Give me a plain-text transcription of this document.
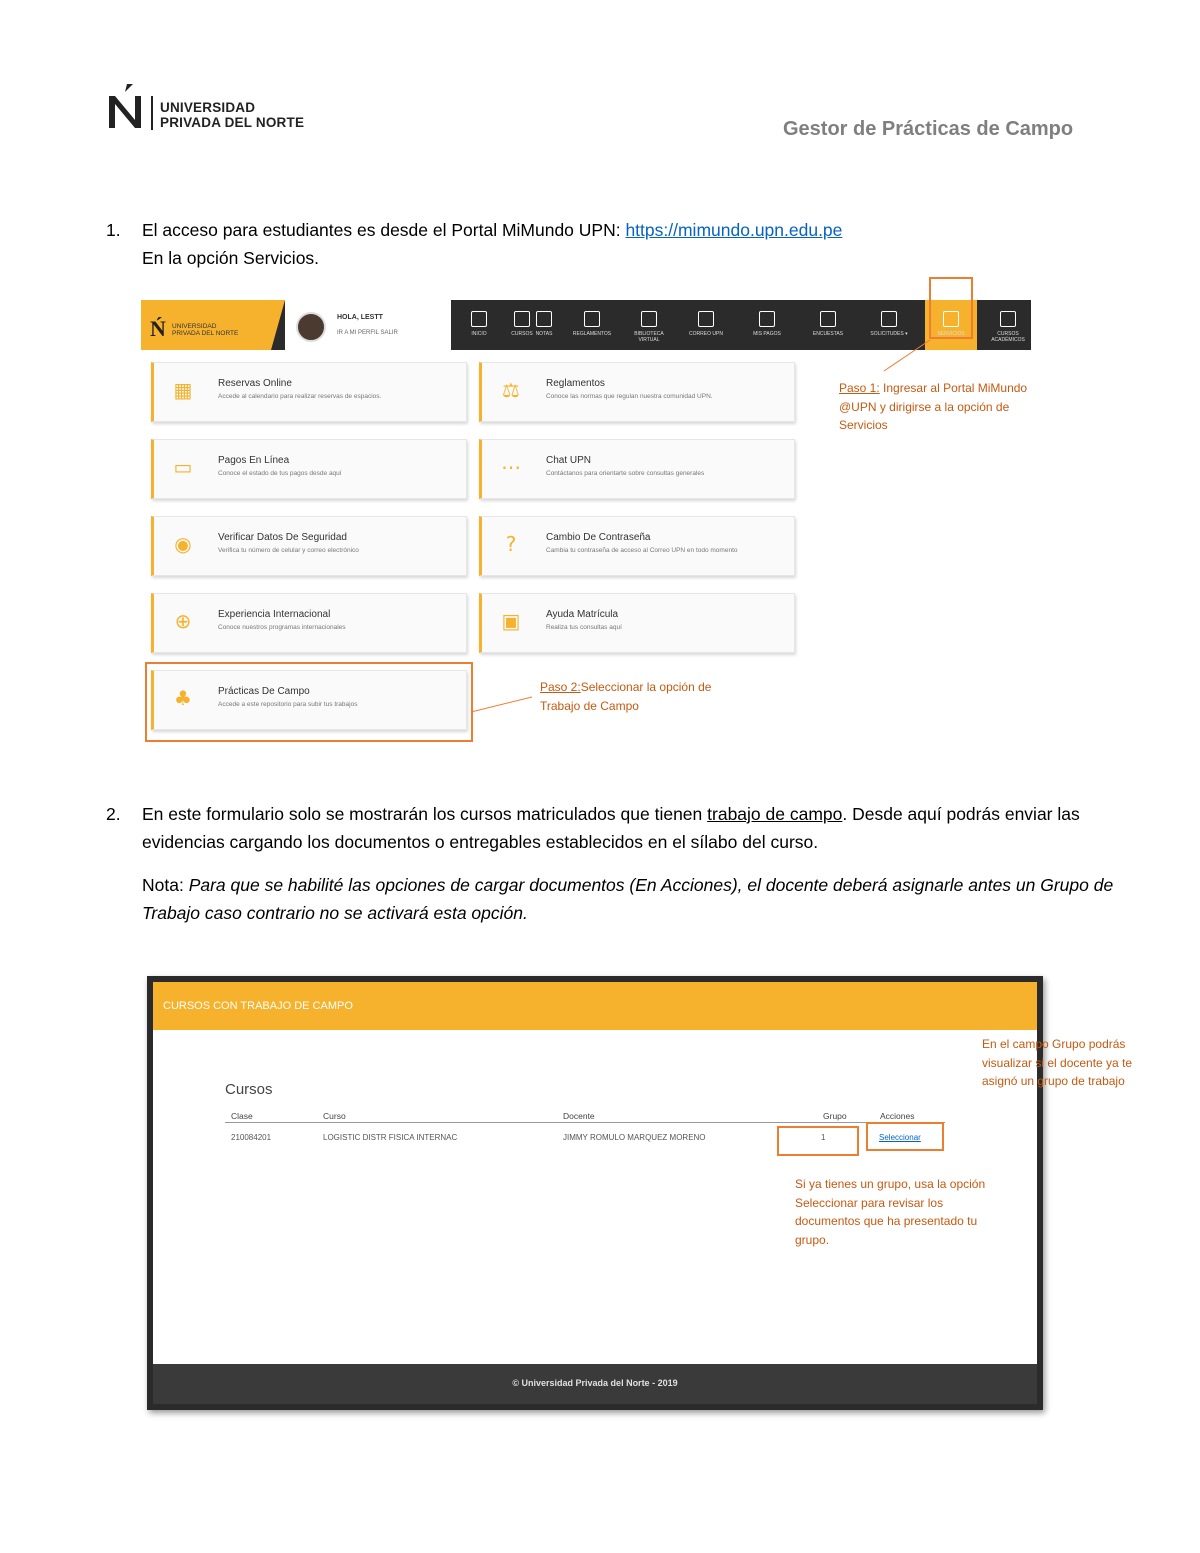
UNIVERSIDAD
PRIVADA DEL NORTE	Gestor de Prácticas de Campo
1. El acceso para estudiantes es desde el Portal MiMundo UPN: https://mimundo.upn.edu.pe
En la opción Servicios.
Ń UNIVERSIDAD
PRIVADA DEL NORTE
HOLA, LESTT
IR A MI PERFIL SALIR	INICIO	CURSOS NOTAS	REGLAMENTOS	BIBLIOTECA VIRTUAL
CORREO UPN	MIS PAGOS	ENCUESTAS	SOLICITUDES ▾	SERVICIOS	CURSOS ACADÉMICOS
▦	Reservas Online
Accede al calendario para realizar reservas de espacios.	⚖	Reglamentos
Conoce las normas que regulan nuestra comunidad UPN.
▭	Pagos En Línea
Conoce el estado de tus pagos desde aquí	⋯	Chat UPN
Contáctanos para orientarte sobre consultas generales
◉	Verificar Datos De Seguridad
Verifica tu número de celular y correo electrónico	?	Cambio De Contraseña
Cambia tu contraseña de acceso al Correo UPN en todo momento
⊕	Experiencia Internacional
Conoce nuestros programas internacionales	▣	Ayuda Matrícula
Realiza tus consultas aquí
♣	Prácticas De Campo
Accede a este repositorio para subir tus trabajos
Paso 1: Ingresar al Portal MiMundo @UPN y dirigirse a la opción de Servicios
Paso 2:Seleccionar la opción de Trabajo de Campo
2. En este formulario solo se mostrarán los cursos matriculados que tienen trabajo de campo. Desde aquí podrás enviar las evidencias cargando los documentos o entregables establecidos en el sílabo del curso.
Nota: Para que se habilité las opciones de cargar documentos (En Acciones), el docente deberá asignarle antes un Grupo de Trabajo caso contrario no se activará esta opción.
CURSOS CON TRABAJO DE CAMPO
Cursos
Clase	Curso	Docente	Grupo	Acciones
210084201	LOGISTIC DISTR FISICA INTERNAC	JIMMY ROMULO MARQUEZ MORENO	1	Seleccionar
© Universidad Privada del Norte - 2019
En el campo Grupo podrás visualizar si el docente ya te asignó un grupo de trabajo
Si ya tienes un grupo, usa la opción Seleccionar para revisar los documentos que ha presentado tu grupo.
